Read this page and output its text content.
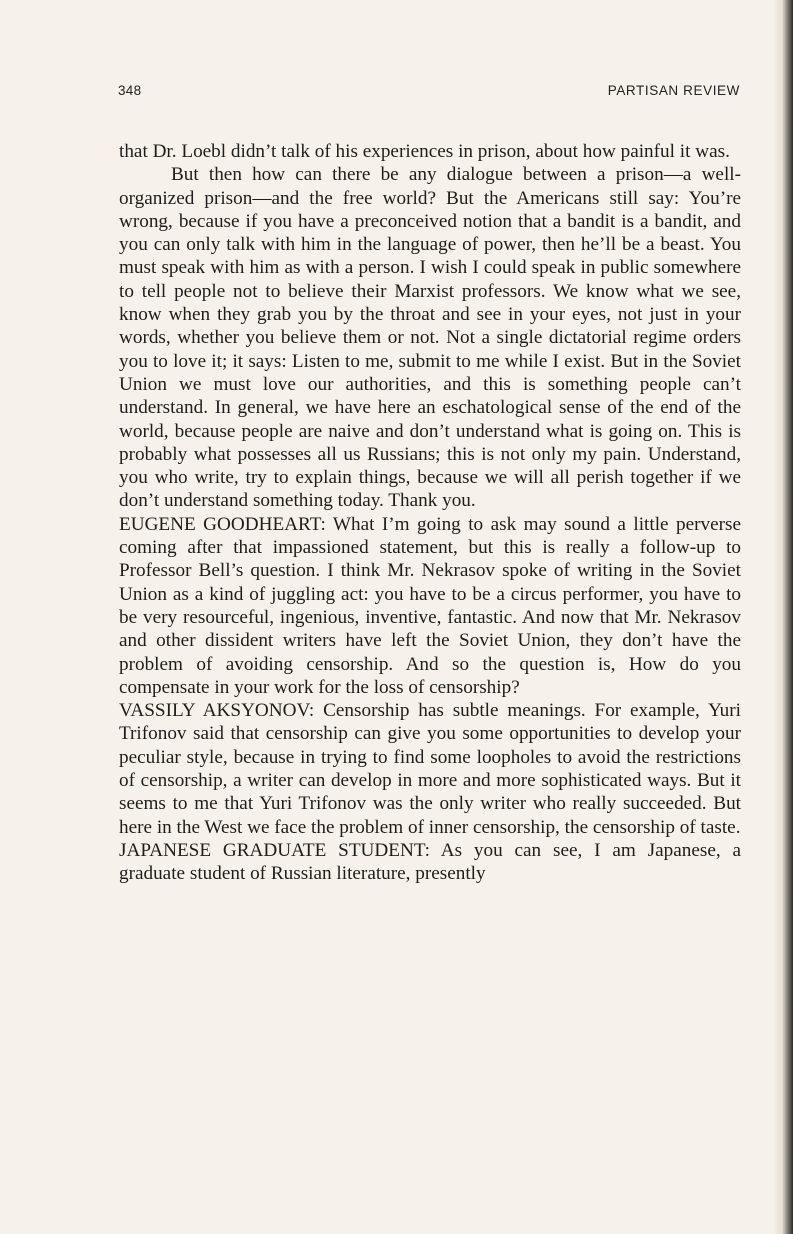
348	PARTISAN REVIEW

that Dr. Loebl didn’t talk of his experiences in prison, about how painful it was.

But then how can there be any dialogue between a prison—a well-organized prison—and the free world? But the Americans still say: You’re wrong, because if you have a preconceived notion that a bandit is a bandit, and you can only talk with him in the language of power, then he’ll be a beast. You must speak with him as with a person. I wish I could speak in public somewhere to tell people not to believe their Marxist professors. We know what we see, know when they grab you by the throat and see in your eyes, not just in your words, whether you believe them or not. Not a single dictatorial regime orders you to love it; it says: Listen to me, submit to me while I exist. But in the Soviet Union we must love our authorities, and this is something people can’t understand. In general, we have here an eschatological sense of the end of the world, because people are naive and don’t understand what is going on. This is probably what possesses all us Russians; this is not only my pain. Understand, you who write, try to explain things, because we will all perish together if we don’t understand something today. Thank you.

EUGENE GOODHEART: What I’m going to ask may sound a little perverse coming after that impassioned statement, but this is really a follow-up to Professor Bell’s question. I think Mr. Nekrasov spoke of writing in the Soviet Union as a kind of juggling act: you have to be a circus performer, you have to be very resourceful, ingenious, inventive, fantastic. And now that Mr. Nekrasov and other dissident writers have left the Soviet Union, they don’t have the problem of avoiding censorship. And so the question is, How do you compensate in your work for the loss of censorship?

VASSILY AKSYONOV: Censorship has subtle meanings. For example, Yuri Trifonov said that censorship can give you some opportunities to develop your peculiar style, because in trying to find some loopholes to avoid the restrictions of censorship, a writer can develop in more and more sophisticated ways. But it seems to me that Yuri Trifonov was the only writer who really succeeded. But here in the West we face the problem of inner censorship, the censorship of taste.

JAPANESE GRADUATE STUDENT: As you can see, I am Japanese, a graduate student of Russian literature, presently
